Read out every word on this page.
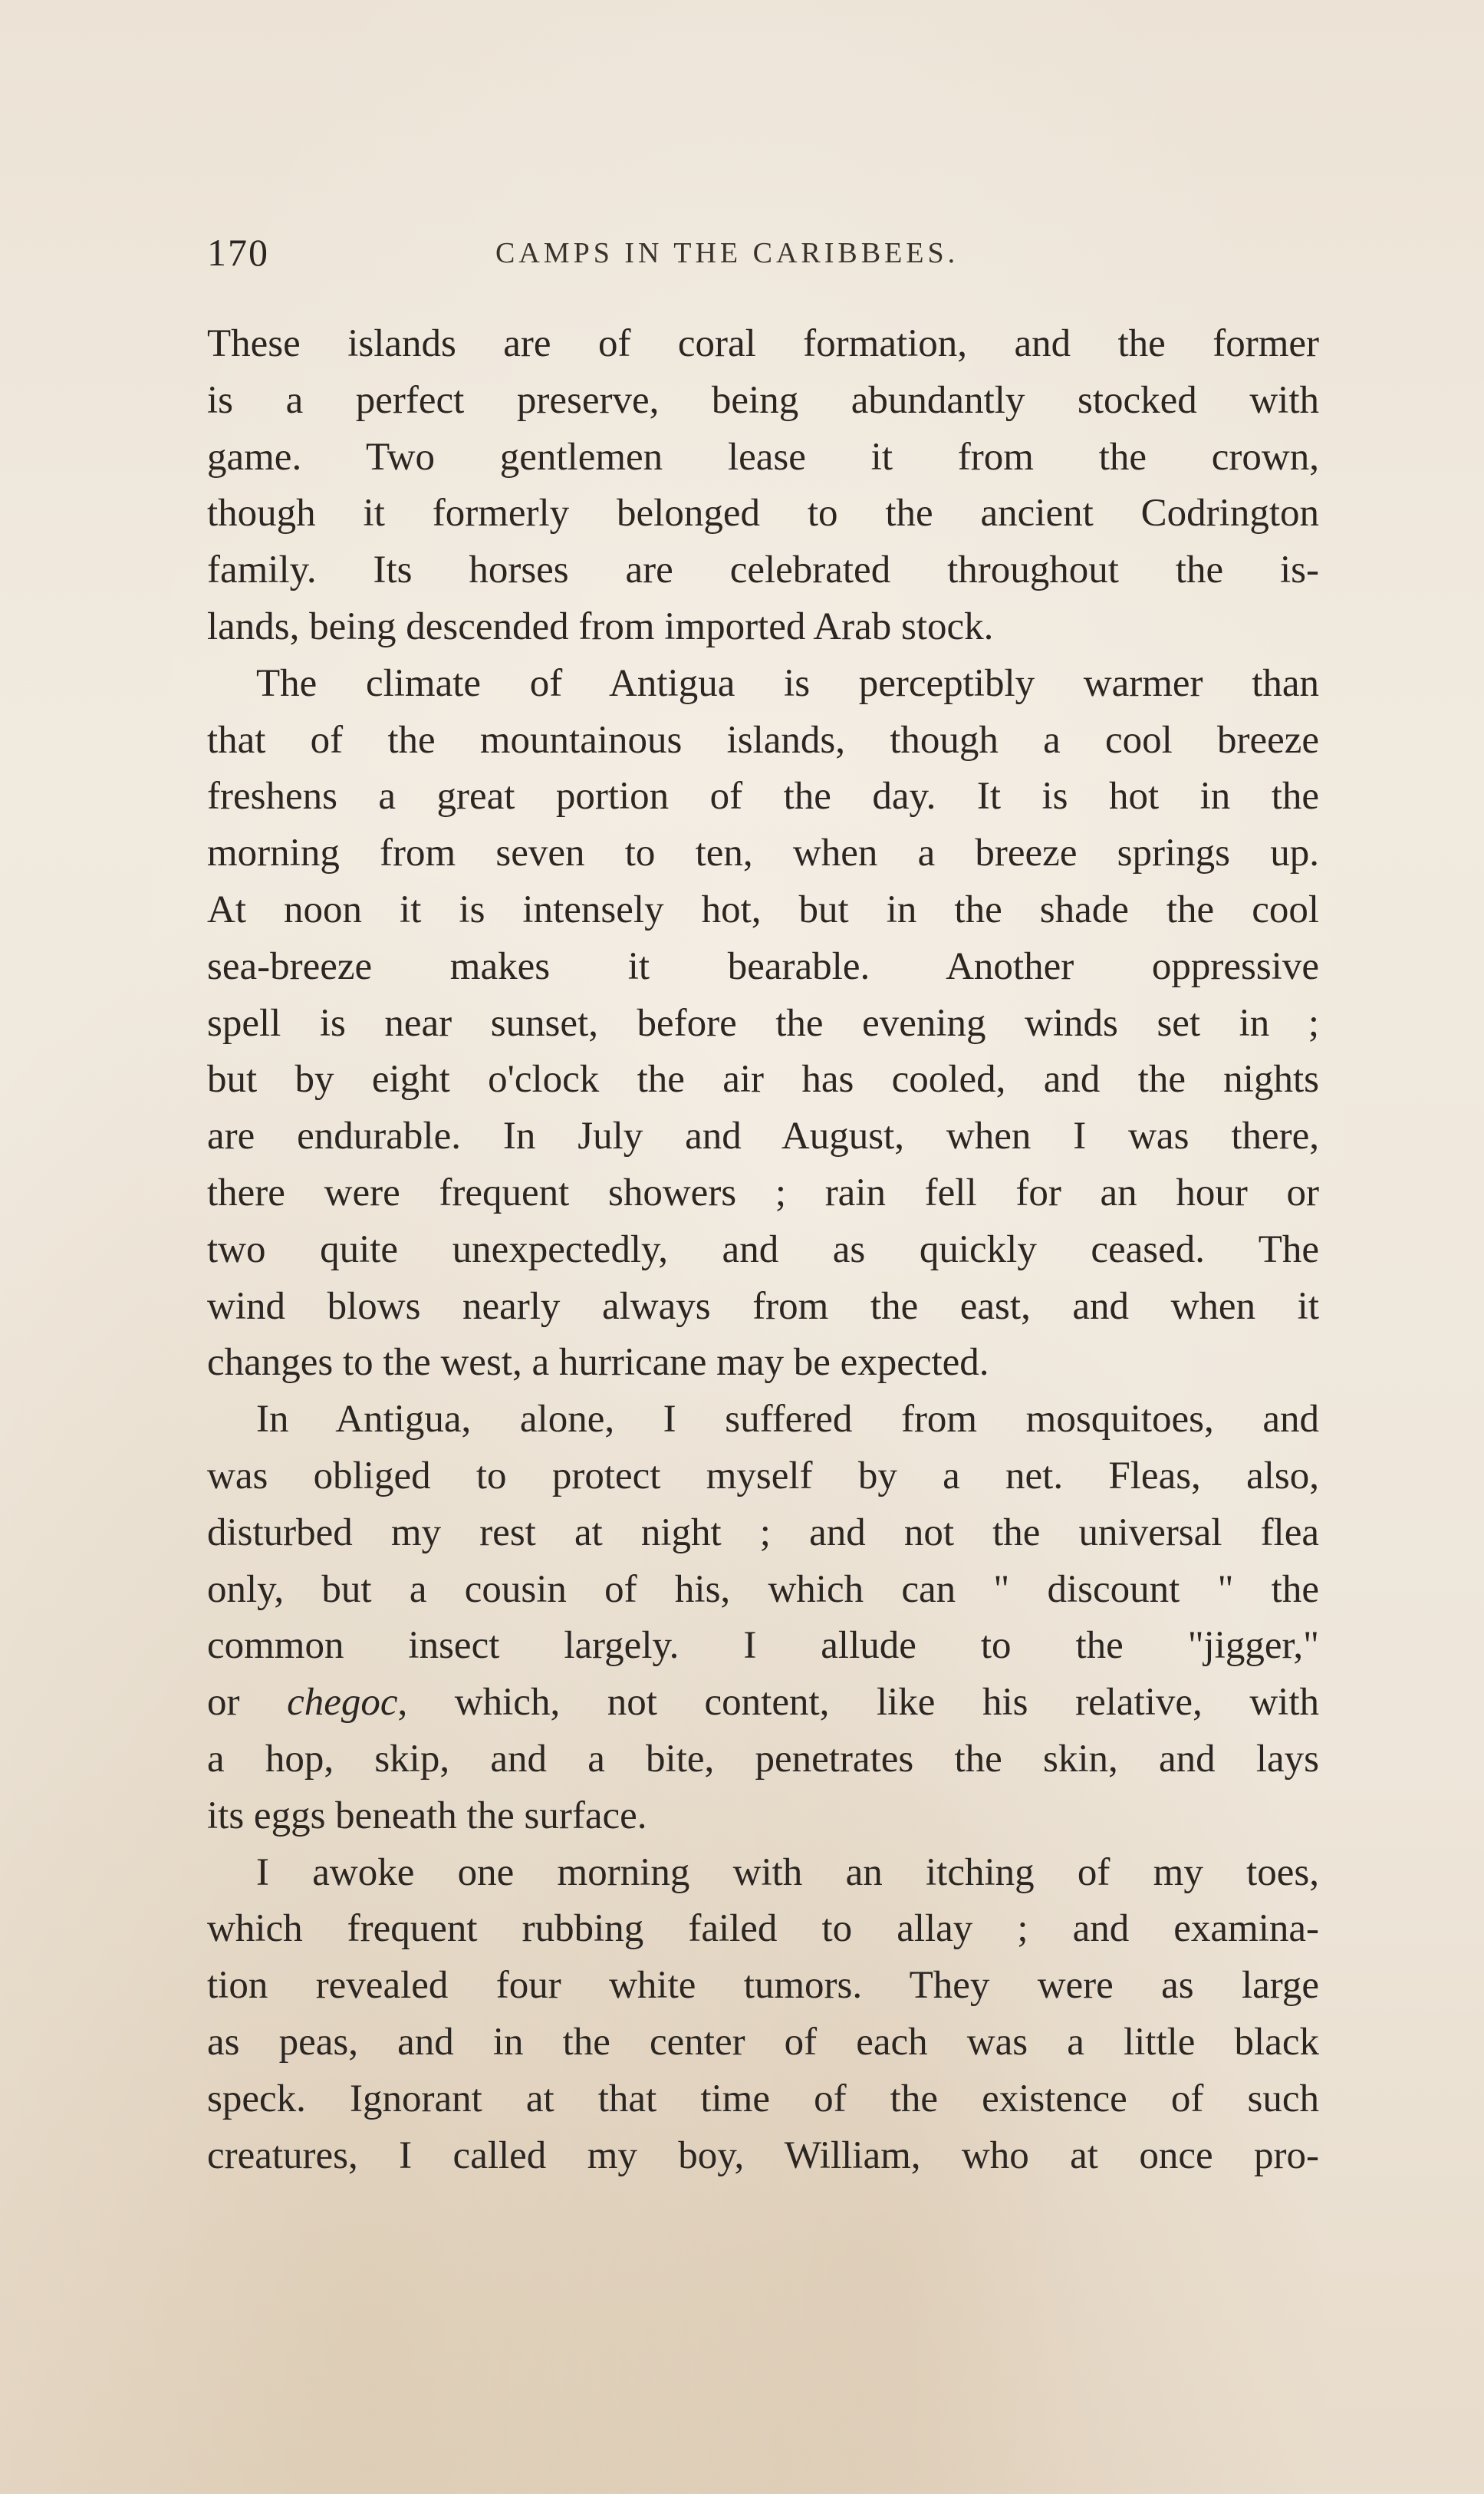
170	CAMPS IN THE CARIBBEES.
These islands are of coral formation, and the former
is a perfect preserve, being abundantly stocked with
game. Two gentlemen lease it from the crown,
though it formerly belonged to the ancient Codrington
family. Its horses are celebrated throughout the is-
lands, being descended from imported Arab stock.
The climate of Antigua is perceptibly warmer than
that of the mountainous islands, though a cool breeze
freshens a great portion of the day. It is hot in the
morning from seven to ten, when a breeze springs up.
At noon it is intensely hot, but in the shade the cool
sea-breeze makes it bearable. Another oppressive
spell is near sunset, before the evening winds set in ;
but by eight o'clock the air has cooled, and the nights
are endurable. In July and August, when I was there,
there were frequent showers ; rain fell for an hour or
two quite unexpectedly, and as quickly ceased. The
wind blows nearly always from the east, and when it
changes to the west, a hurricane may be expected.
In Antigua, alone, I suffered from mosquitoes, and
was obliged to protect myself by a net. Fleas, also,
disturbed my rest at night ; and not the universal flea
only, but a cousin of his, which can " discount " the
common insect largely. I allude to the "jigger,"
or chegoc, which, not content, like his relative, with
a hop, skip, and a bite, penetrates the skin, and lays
its eggs beneath the surface.
I awoke one morning with an itching of my toes,
which frequent rubbing failed to allay ; and examina-
tion revealed four white tumors. They were as large
as peas, and in the center of each was a little black
speck. Ignorant at that time of the existence of such
creatures, I called my boy, William, who at once pro-
